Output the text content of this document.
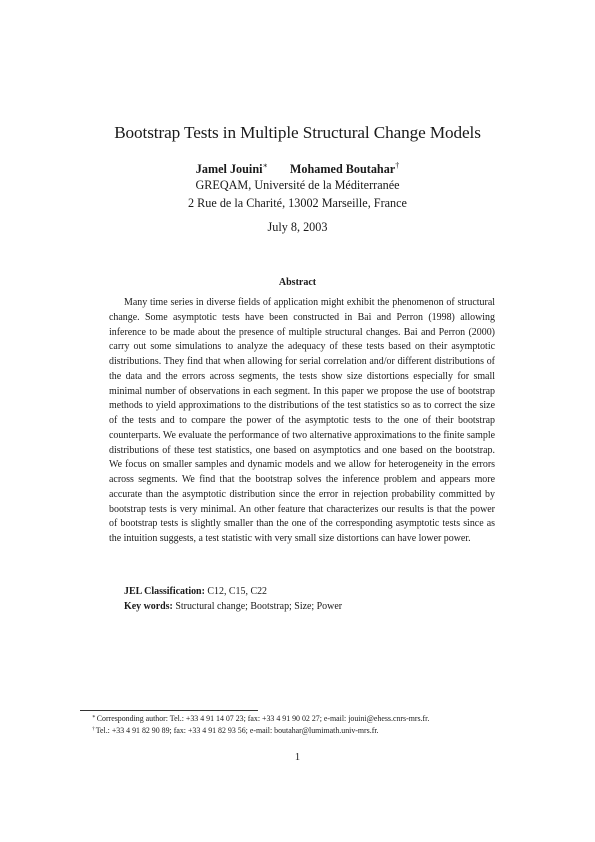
Bootstrap Tests in Multiple Structural Change Models
Jamel Jouini∗ Mohamed Boutahar†
GREQAM, Université de la Méditerranée
2 Rue de la Charité, 13002 Marseille, France
July 8, 2003
Abstract

Many time series in diverse fields of application might exhibit the phenomenon of structural change. Some asymptotic tests have been constructed in Bai and Perron (1998) allowing inference to be made about the presence of multiple structural changes. Bai and Perron (2000) carry out some simulations to analyze the adequacy of these tests based on their asymptotic distributions. They find that when allowing for serial correlation and/or different distributions of the data and the errors across segments, the tests show size distortions especially for small minimal number of observations in each segment. In this paper we propose the use of bootstrap methods to yield approximations to the distributions of the test statistics so as to correct the size of the tests and to compare the power of the asymptotic tests to the one of their bootstrap counterparts. We evaluate the performance of two alternative approximations to the finite sample distributions of these test statistics, one based on asymptotics and one based on the bootstrap. We focus on smaller samples and dynamic models and we allow for heterogeneity in the errors across segments. We find that the bootstrap solves the inference problem and appears more accurate than the asymptotic distribution since the error in rejection probability committed by bootstrap tests is very minimal. An other feature that characterizes our results is that the power of bootstrap tests is slightly smaller than the one of the corresponding asymptotic tests since as the intuition suggests, a test statistic with very small size distortions can have lower power.

JEL Classification: C12, C15, C22
Key words: Structural change; Bootstrap; Size; Power
∗Corresponding author: Tel.: +33 4 91 14 07 23; fax: +33 4 91 90 02 27; e-mail: jouini@ehess.cnrs-mrs.fr.
†Tel.: +33 4 91 82 90 89; fax: +33 4 91 82 93 56; e-mail: boutahar@lumimath.univ-mrs.fr.
1
